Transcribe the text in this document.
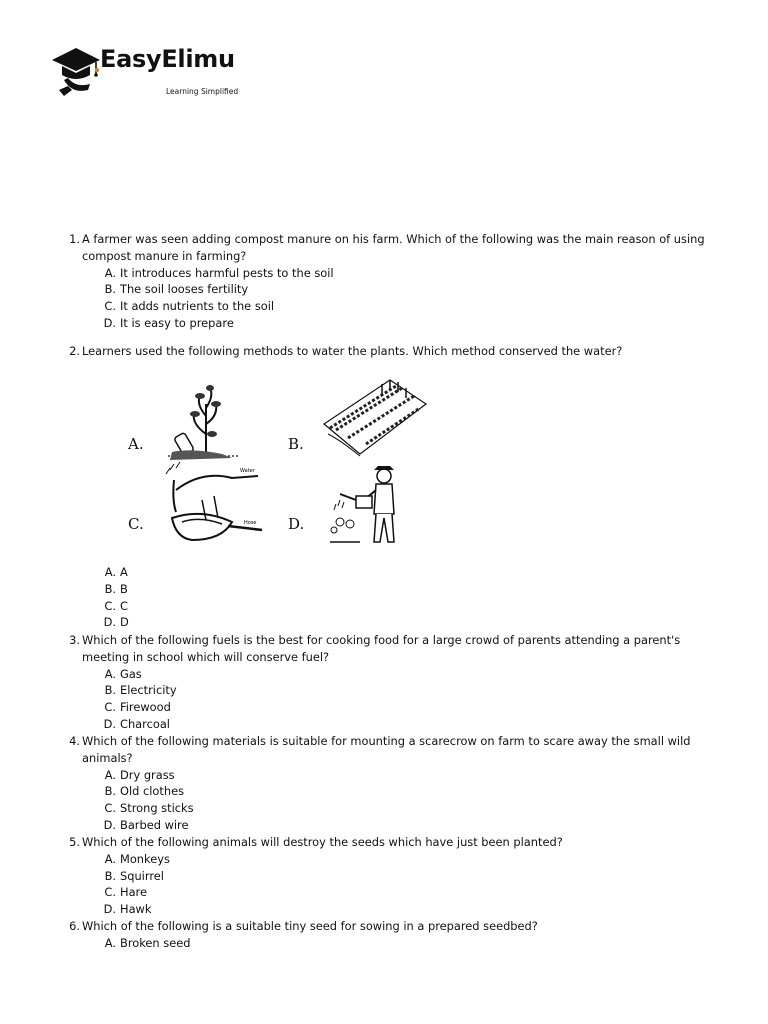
EasyElimu
Learning Simplified
1. A farmer was seen adding compost manure on his farm. Which of the following was the main reason of using compost manure in farming?
A. It introduces harmful pests to the soil
B. The soil looses fertility
C. It adds nutrients to the soil
D. It is easy to prepare
2. Learners used the following methods to water the plants. Which method conserved the water?
A.	B.
C.	D.
Water
Hose
A. A
B. B
C. C
D. D
3. Which of the following fuels is the best for cooking food for a large crowd of parents attending a parent's meeting in school which will conserve fuel?
A. Gas
B. Electricity
C. Firewood
D. Charcoal
4. Which of the following materials is suitable for mounting a scarecrow on farm to scare away the small wild animals?
A. Dry grass
B. Old clothes
C. Strong sticks
D. Barbed wire
5. Which of the following animals will destroy the seeds which have just been planted?
A. Monkeys
B. Squirrel
C. Hare
D. Hawk
6. Which of the following is a suitable tiny seed for sowing in a prepared seedbed?
A. Broken seed
